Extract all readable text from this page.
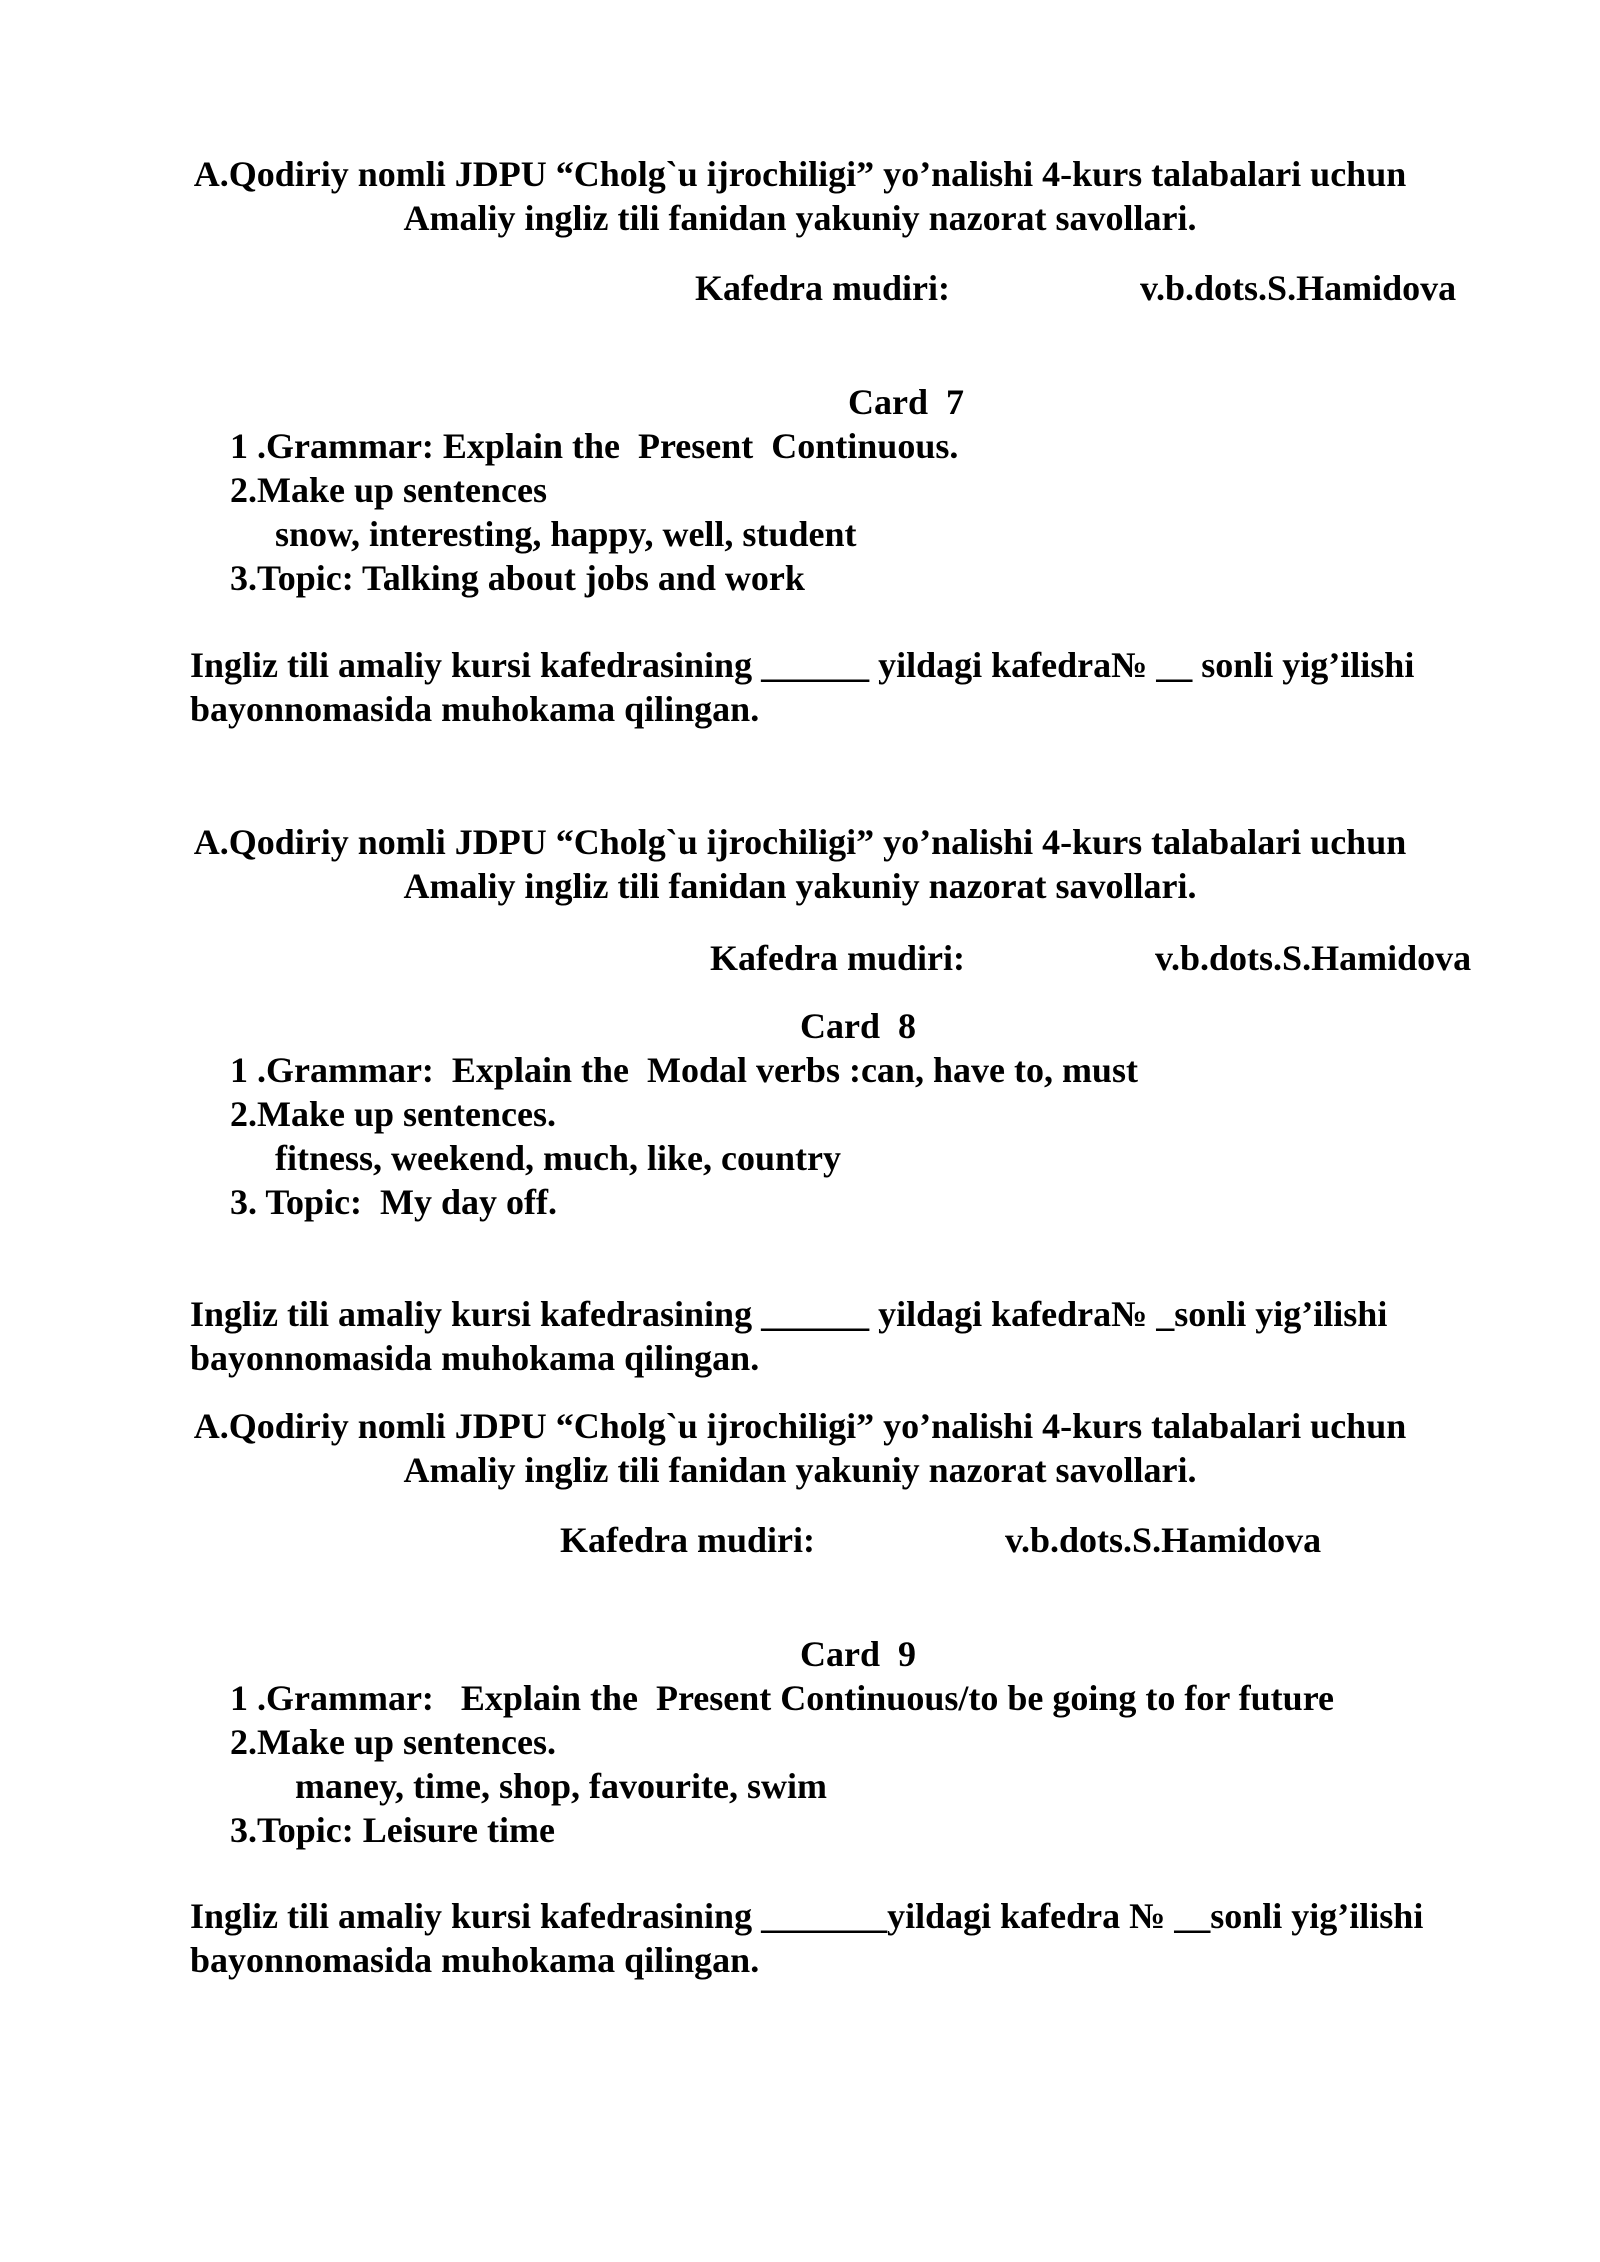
A.Qodiriy nomli JDPU “Cholg`u ijrochiligi” yo’nalishi 4-kurs talabalari uchun

Amaliy ingliz tili fanidan yakuniy nazorat savollari.

Kafedra mudiri:	v.b.dots.S.Hamidova

Card  7

1 .Grammar: Explain the  Present  Continuous.

2.Make up sentences

snow, interesting, happy, well, student

3.Topic: Talking about jobs and work

Ingliz tili amaliy kursi kafedrasining ______ yildagi kafedra№ __ sonli yig’ilishi

bayonnomasida muhokama qilingan.

A.Qodiriy nomli JDPU “Cholg`u ijrochiligi” yo’nalishi 4-kurs talabalari uchun

Amaliy ingliz tili fanidan yakuniy nazorat savollari.

Kafedra mudiri:	v.b.dots.S.Hamidova

Card  8

1 .Grammar:  Explain the  Modal verbs :can, have to, must

2.Make up sentences.

fitness, weekend, much, like, country

3. Topic:  My day off.

Ingliz tili amaliy kursi kafedrasining ______ yildagi kafedra№ _sonli yig’ilishi

bayonnomasida muhokama qilingan.

A.Qodiriy nomli JDPU “Cholg`u ijrochiligi” yo’nalishi 4-kurs talabalari uchun

Amaliy ingliz tili fanidan yakuniy nazorat savollari.

Kafedra mudiri:	v.b.dots.S.Hamidova

Card  9

1 .Grammar:   Explain the  Present Continuous/to be going to for future

2.Make up sentences.

maney, time, shop, favourite, swim

3.Topic: Leisure time

Ingliz tili amaliy kursi kafedrasining _______yildagi kafedra № __sonli yig’ilishi

bayonnomasida muhokama qilingan.
